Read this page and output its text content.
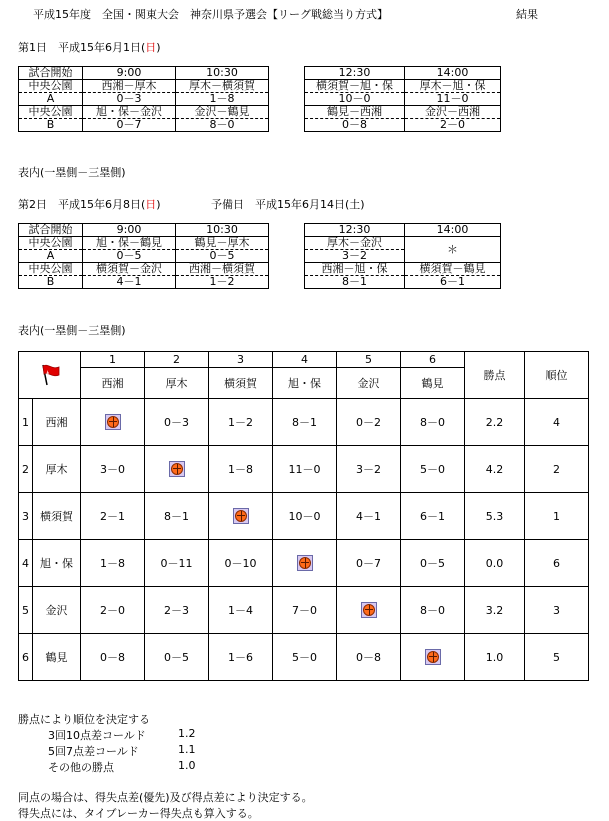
平成15年度　全国・関東大会　神奈川県予選会【リーグ戦総当り方式】	結果
第1日　平成15年6月1日(日)
試合開始	9:00	10:30		12:30	14:00
中央公園	西湘－厚木	厚木－横須賀		横須賀－旭・保	厚木－旭・保
A	0－3	1－8		10－0	11－0
中央公園	旭・保－金沢	金沢－鶴見		鶴見－西湘	金沢－西湘
B	0－7	8－0		0－8	2－0
表内(一塁側－三塁側)
第2日　平成15年6月8日(日)	予備日　平成15年6月14日(土)
試合開始	9:00	10:30		12:30	14:00
中央公園	旭・保－鶴見	鶴見－厚木		厚木－金沢	＊
A	0－5	0－5		3－2	
中央公園	横須賀－金沢	西湘－横須賀		西湘－旭・保	横須賀－鶴見
B	4－1	1－2		8－1	6－1
表内(一塁側－三塁側)
	1	2	3	4	5	6	勝点	順位
		西湘	厚木	横須賀	旭・保	金沢	鶴見		
1	西湘		0－3	1－2	8－1	0－2	8－0	2.2	4
2	厚木	3－0		1－8	11－0	3－2	5－0	4.2	2
3	横須賀	2－1	8－1		10－0	4－1	6－1	5.3	1
4	旭・保	1－8	0－11	0－10		0－7	0－5	0.0	6
5	金沢	2－0	2－3	1－4	7－0		8－0	3.2	3
6	鶴見	0－8	0－5	1－6	5－0	0－8		1.0	5
勝点により順位を決定する
3回10点差コールド	1.2
5回7点差コールド	1.1
その他の勝点	1.0
同点の場合は、得失点差(優先)及び得点差により決定する。
得失点には、タイブレーカー得失点も算入する。
